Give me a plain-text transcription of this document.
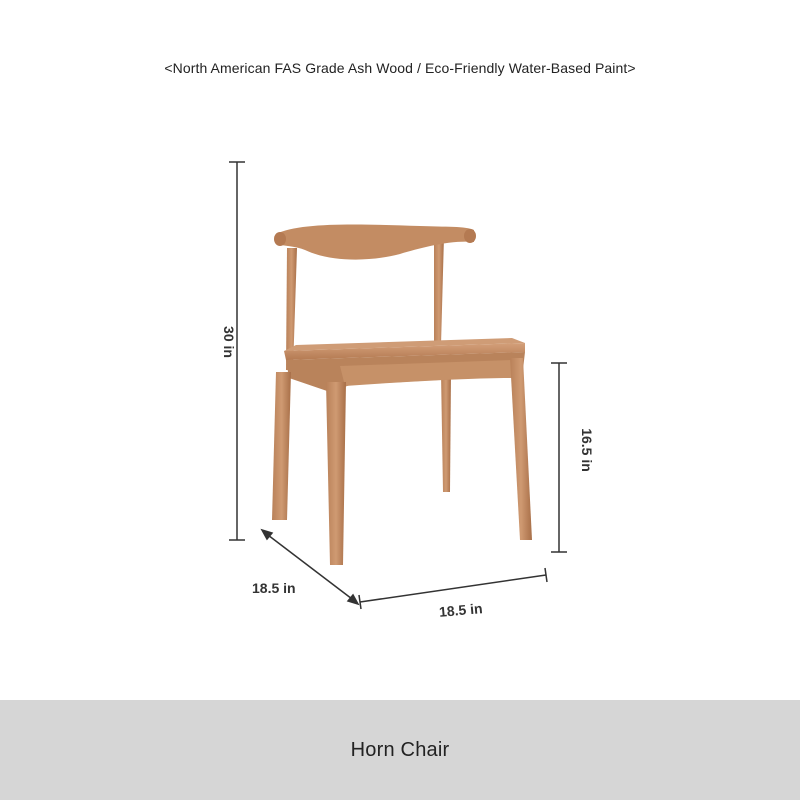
<North American FAS Grade Ash Wood / Eco-Friendly Water-Based Paint>
30 in
16.5 in
18.5 in
18.5 in
Horn Chair
